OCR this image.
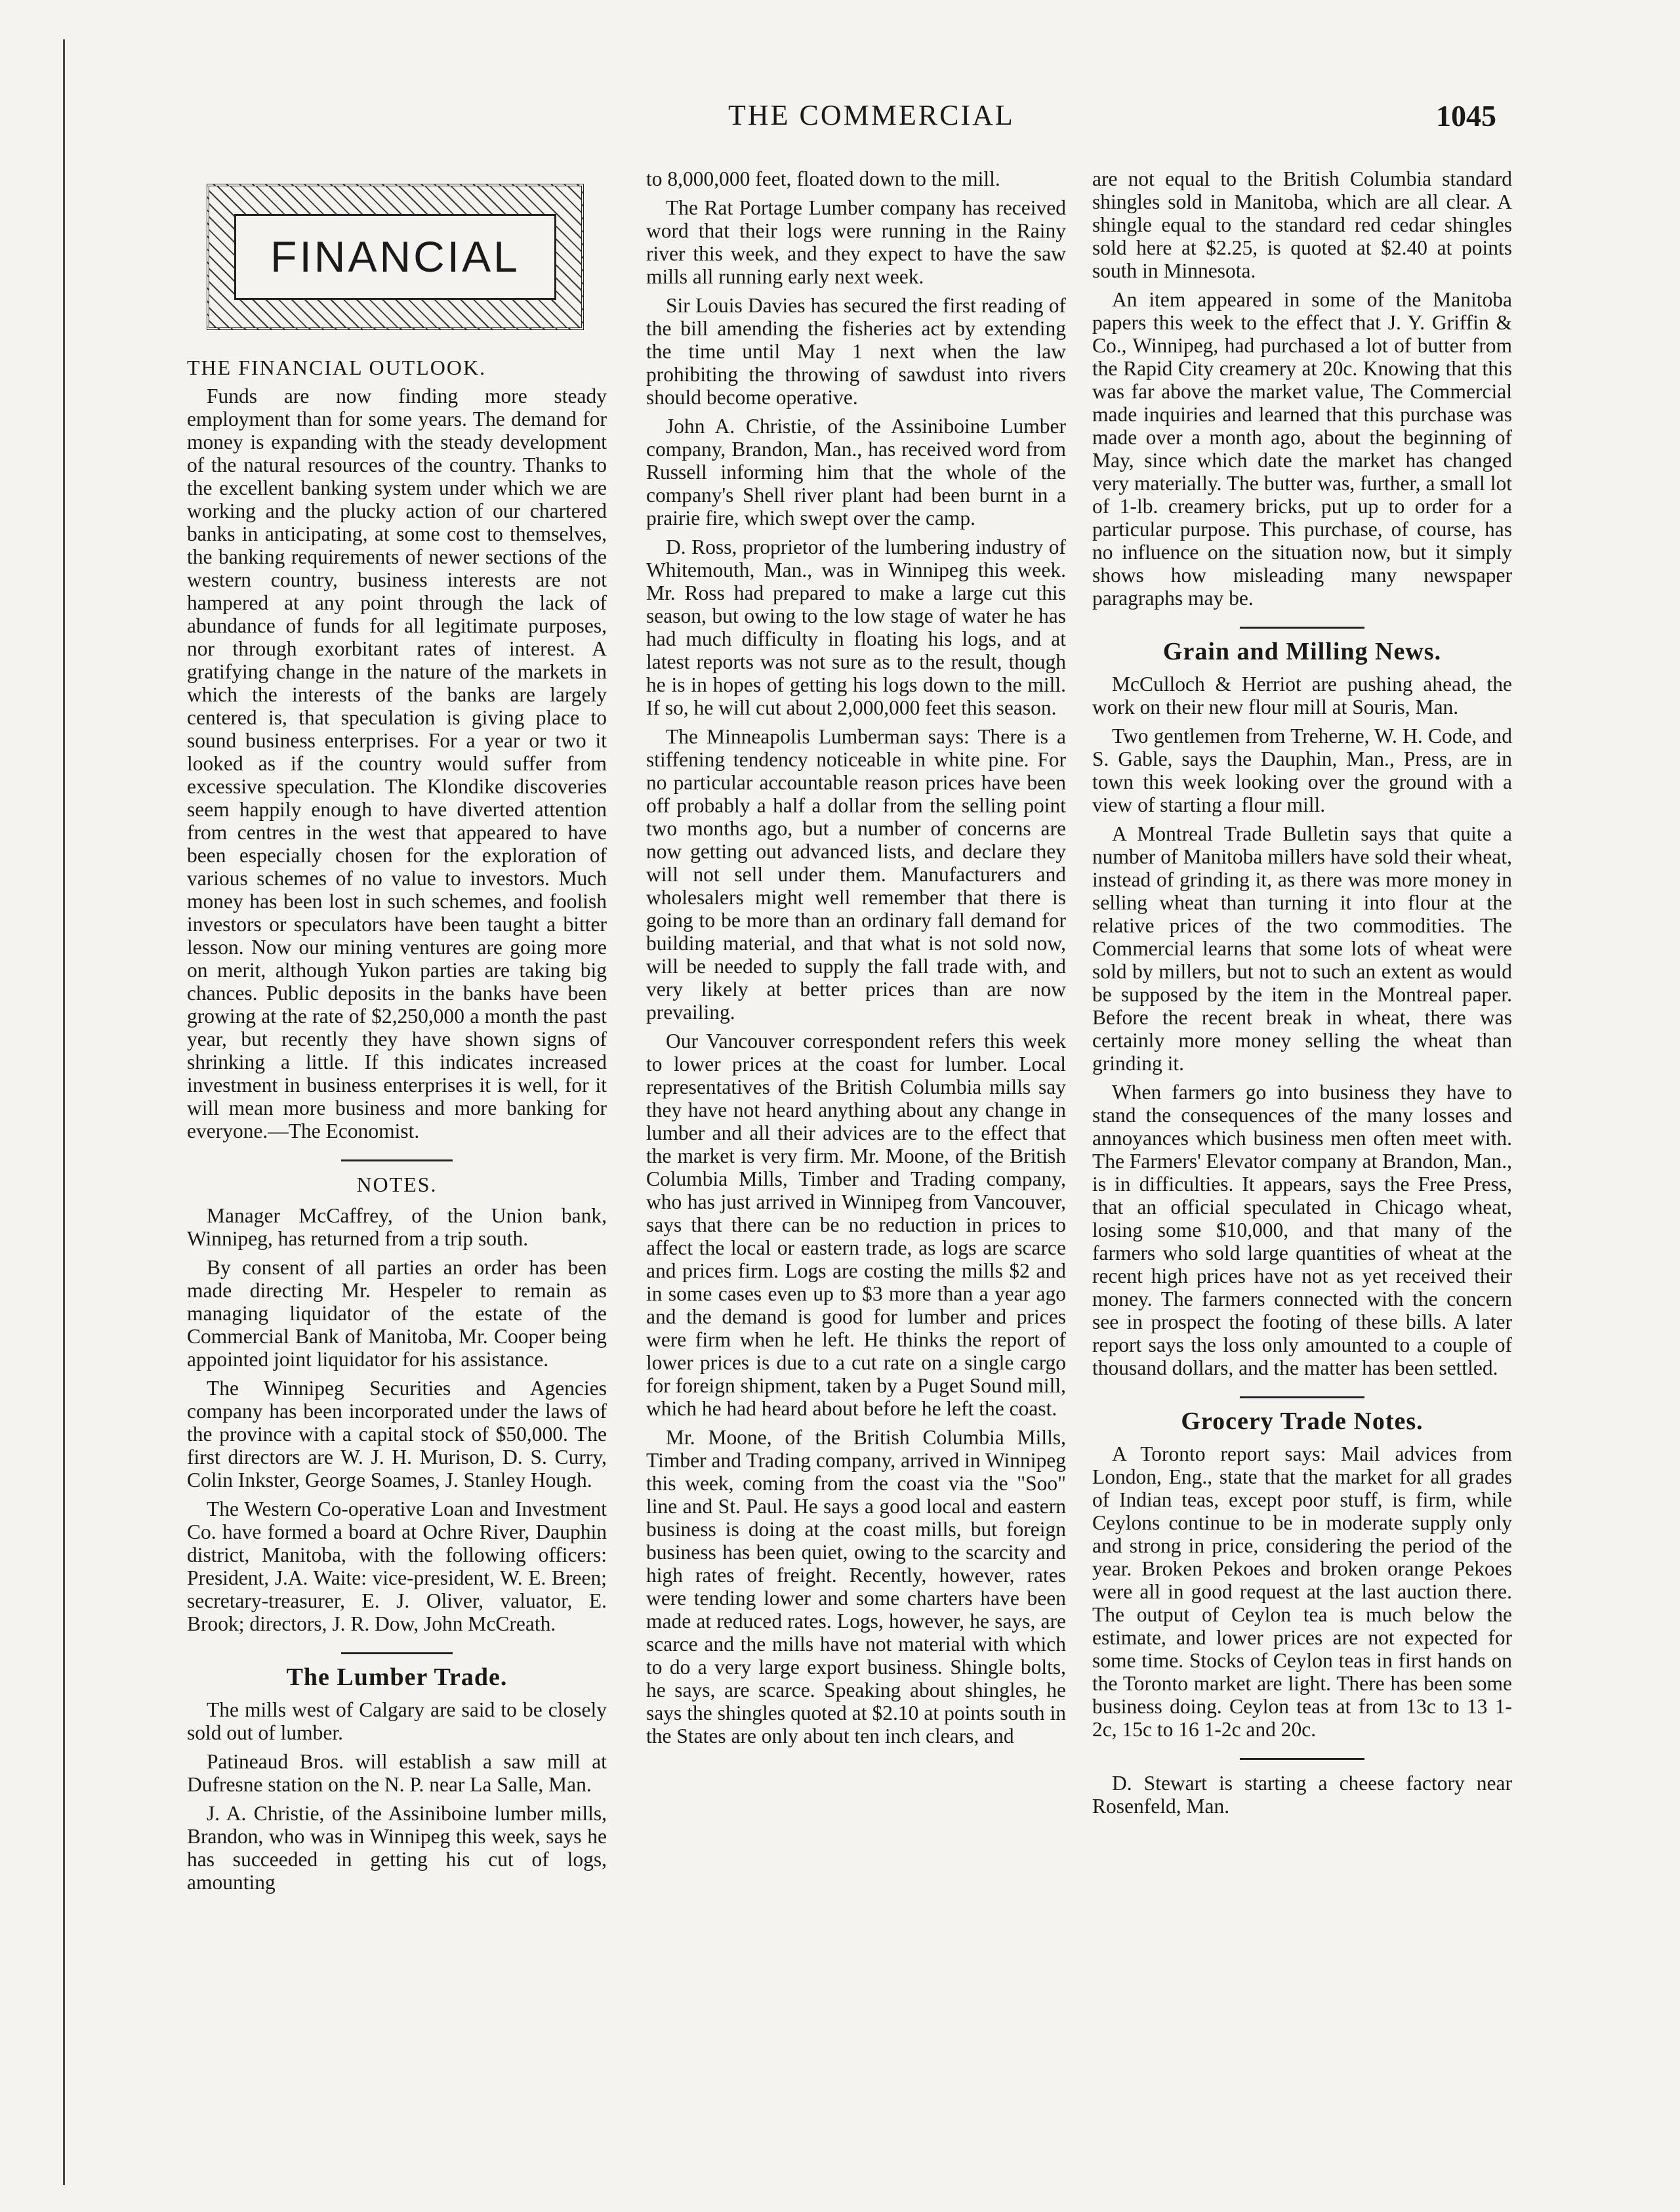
THE COMMERCIAL	1045
FINANCIAL
THE FINANCIAL OUTLOOK.

Funds are now finding more steady employment than for some years. The demand for money is expanding with the steady development of the natural resources of the country. Thanks to the excellent banking system under which we are working and the plucky action of our chartered banks in anticipating, at some cost to themselves, the banking requirements of newer sections of the western country, business interests are not hampered at any point through the lack of abundance of funds for all legitimate purposes, nor through exorbitant rates of interest. A gratifying change in the nature of the markets in which the interests of the banks are largely centered is, that speculation is giving place to sound business enterprises. For a year or two it looked as if the country would suffer from excessive speculation. The Klondike discoveries seem happily enough to have diverted attention from centres in the west that appeared to have been especially chosen for the exploration of various schemes of no value to investors. Much money has been lost in such schemes, and foolish investors or speculators have been taught a bitter lesson. Now our mining ventures are going more on merit, although Yukon parties are taking big chances. Public deposits in the banks have been growing at the rate of $2,250,000 a month the past year, but recently they have shown signs of shrinking a little. If this indicates increased investment in business enterprises it is well, for it will mean more business and more banking for everyone.—The Economist.

NOTES.

Manager McCaffrey, of the Union bank, Winnipeg, has returned from a trip south.

By consent of all parties an order has been made directing Mr. Hespeler to remain as managing liquidator of the estate of the Commercial Bank of Manitoba, Mr. Cooper being appointed joint liquidator for his assistance.

The Winnipeg Securities and Agencies company has been incorporated under the laws of the province with a capital stock of $50,000. The first directors are W. J. H. Murison, D. S. Curry, Colin Inkster, George Soames, J. Stanley Hough.

The Western Co-operative Loan and Investment Co. have formed a board at Ochre River, Dauphin district, Manitoba, with the following officers: President, J.A. Waite: vice-president, W. E. Breen; secretary-treasurer, E. J. Oliver, valuator, E. Brook; directors, J. R. Dow, John McCreath.

The Lumber Trade.

The mills west of Calgary are said to be closely sold out of lumber.

Patineaud Bros. will establish a saw mill at Dufresne station on the N. P. near La Salle, Man.

J. A. Christie, of the Assiniboine lumber mills, Brandon, who was in Winnipeg this week, says he has succeeded in getting his cut of logs, amounting

to 8,000,000 feet, floated down to the mill.

The Rat Portage Lumber company has received word that their logs were running in the Rainy river this week, and they expect to have the saw mills all running early next week.

Sir Louis Davies has secured the first reading of the bill amending the fisheries act by extending the time until May 1 next when the law prohibiting the throwing of sawdust into rivers should become operative.

John A. Christie, of the Assiniboine Lumber company, Brandon, Man., has received word from Russell informing him that the whole of the company's Shell river plant had been burnt in a prairie fire, which swept over the camp.

D. Ross, proprietor of the lumbering industry of Whitemouth, Man., was in Winnipeg this week. Mr. Ross had prepared to make a large cut this season, but owing to the low stage of water he has had much difficulty in floating his logs, and at latest reports was not sure as to the result, though he is in hopes of getting his logs down to the mill. If so, he will cut about 2,000,000 feet this season.

The Minneapolis Lumberman says: There is a stiffening tendency noticeable in white pine. For no particular accountable reason prices have been off probably a half a dollar from the selling point two months ago, but a number of concerns are now getting out advanced lists, and declare they will not sell under them. Manufacturers and wholesalers might well remember that there is going to be more than an ordinary fall demand for building material, and that what is not sold now, will be needed to supply the fall trade with, and very likely at better prices than are now prevailing.

Our Vancouver correspondent refers this week to lower prices at the coast for lumber. Local representatives of the British Columbia mills say they have not heard anything about any change in lumber and all their advices are to the effect that the market is very firm. Mr. Moone, of the British Columbia Mills, Timber and Trading company, who has just arrived in Winnipeg from Vancouver, says that there can be no reduction in prices to affect the local or eastern trade, as logs are scarce and prices firm. Logs are costing the mills $2 and in some cases even up to $3 more than a year ago and the demand is good for lumber and prices were firm when he left. He thinks the report of lower prices is due to a cut rate on a single cargo for foreign shipment, taken by a Puget Sound mill, which he had heard about before he left the coast.

Mr. Moone, of the British Columbia Mills, Timber and Trading company, arrived in Winnipeg this week, coming from the coast via the "Soo" line and St. Paul. He says a good local and eastern business is doing at the coast mills, but foreign business has been quiet, owing to the scarcity and high rates of freight. Recently, however, rates were tending lower and some charters have been made at reduced rates. Logs, however, he says, are scarce and the mills have not material with which to do a very large export business. Shingle bolts, he says, are scarce. Speaking about shingles, he says the shingles quoted at $2.10 at points south in the States are only about ten inch clears, and

are not equal to the British Columbia standard shingles sold in Manitoba, which are all clear. A shingle equal to the standard red cedar shingles sold here at $2.25, is quoted at $2.40 at points south in Minnesota.

An item appeared in some of the Manitoba papers this week to the effect that J. Y. Griffin & Co., Winnipeg, had purchased a lot of butter from the Rapid City creamery at 20c. Knowing that this was far above the market value, The Commercial made inquiries and learned that this purchase was made over a month ago, about the beginning of May, since which date the market has changed very materially. The butter was, further, a small lot of 1-lb. creamery bricks, put up to order for a particular purpose. This purchase, of course, has no influence on the situation now, but it simply shows how misleading many newspaper paragraphs may be.

Grain and Milling News.

McCulloch & Herriot are pushing ahead, the work on their new flour mill at Souris, Man.

Two gentlemen from Treherne, W. H. Code, and S. Gable, says the Dauphin, Man., Press, are in town this week looking over the ground with a view of starting a flour mill.

A Montreal Trade Bulletin says that quite a number of Manitoba millers have sold their wheat, instead of grinding it, as there was more money in selling wheat than turning it into flour at the relative prices of the two commodities. The Commercial learns that some lots of wheat were sold by millers, but not to such an extent as would be supposed by the item in the Montreal paper. Before the recent break in wheat, there was certainly more money selling the wheat than grinding it.

When farmers go into business they have to stand the consequences of the many losses and annoyances which business men often meet with. The Farmers' Elevator company at Brandon, Man., is in difficulties. It appears, says the Free Press, that an official speculated in Chicago wheat, losing some $10,000, and that many of the farmers who sold large quantities of wheat at the recent high prices have not as yet received their money. The farmers connected with the concern see in prospect the footing of these bills. A later report says the loss only amounted to a couple of thousand dollars, and the matter has been settled.

Grocery Trade Notes.

A Toronto report says: Mail advices from London, Eng., state that the market for all grades of Indian teas, except poor stuff, is firm, while Ceylons continue to be in moderate supply only and strong in price, considering the period of the year. Broken Pekoes and broken orange Pekoes were all in good request at the last auction there. The output of Ceylon tea is much below the estimate, and lower prices are not expected for some time. Stocks of Ceylon teas in first hands on the Toronto market are light. There has been some business doing. Ceylon teas at from 13c to 13 1-2c, 15c to 16 1-2c and 20c.

D. Stewart is starting a cheese factory near Rosenfeld, Man.
